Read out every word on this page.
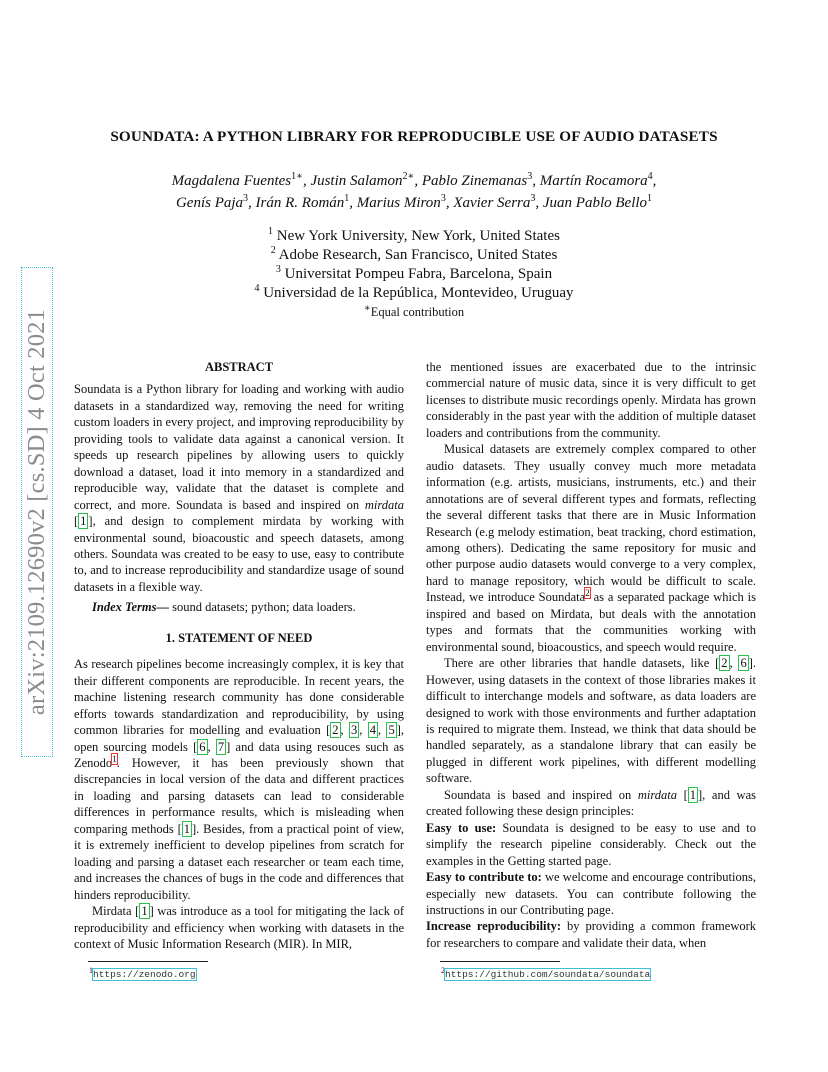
arXiv:2109.12690v2 [cs.SD] 4 Oct 2021
SOUNDATA: A PYTHON LIBRARY FOR REPRODUCIBLE USE OF AUDIO DATASETS
Magdalena Fuentes$^{1∗}$, Justin Salamon$^{2∗}$, Pablo Zinemanas$^3$, Martín Rocamora$^4$,
Genís Paja$^3$, Irán R. Román$^1$, Marius Miron$^3$, Xavier Serra$^3$, Juan Pablo Bello$^1$
$^1$ New York University, New York, United States
$^2$ Adobe Research, San Francisco, United States
$^3$ Universitat Pompeu Fabra, Barcelona, Spain
$^4$ Universidad de la República, Montevideo, Uruguay
∗Equal contribution
ABSTRACT

Soundata is a Python library for loading and working with audio datasets in a standardized way, removing the need for writing custom loaders in every project, and improving reproducibility by providing tools to validate data against a canonical version. It speeds up research pipelines by allowing users to quickly download a dataset, load it into memory in a standardized and reproducible way, validate that the dataset is complete and correct, and more. Soundata is based and inspired on mirdata [ 1 ], and design to complement mirdata by working with environmental sound, bioacoustic and speech datasets, among others. Soundata was created to be easy to use, easy to contribute to, and to increase reproducibility and standardize usage of sound datasets in a flexible way.

Index Terms— sound datasets; python; data loaders.

1. STATEMENT OF NEED

As research pipelines become increasingly complex, it is key that their different components are reproducible. In recent years, the machine listening research community has done considerable efforts towards standardization and reproducibility, by using common libraries for modelling and evaluation [ 2 , 3 , 4 , 5 ], open sourcing models [ 6 , 7 ] and data using resouces such as Zenodo$^1$. However, it has been previously shown that discrepancies in local version of the data and different practices in loading and parsing datasets can lead to considerable differences in performance results, which is misleading when comparing methods [ 1 ]. Besides, from a practical point of view, it is extremely inefficient to develop pipelines from scratch for loading and parsing a dataset each researcher or team each time, and increases the chances of bugs in the code and differences that hinders reproducibility.

Mirdata [ 1 ] was introduce as a tool for mitigating the lack of reproducibility and efficiency when working with datasets in the context of Music Information Research (MIR). In MIR,

the mentioned issues are exacerbated due to the intrinsic commercial nature of music data, since it is very difficult to get licenses to distribute music recordings openly. Mirdata has grown considerably in the past year with the addition of multiple dataset loaders and contributions from the community.

Musical datasets are extremely complex compared to other audio datasets. They usually convey much more metadata information (e.g. artists, musicians, instruments, etc.) and their annotations are of several different types and formats, reflecting the several different tasks that there are in Music Information Research (e.g melody estimation, beat tracking, chord estimation, among others). Dedicating the same repository for music and other purpose audio datasets would converge to a very complex, hard to manage repository, which would be difficult to scale. Instead, we introduce Soundata$^2$ as a separated package which is inspired and based on Mirdata, but deals with the annotation types and formats that the communities working with environmental sound, bioacoustics, and speech would require.

There are other libraries that handle datasets, like [ 2 , 6 ]. However, using datasets in the context of those libraries makes it difficult to interchange models and software, as data loaders are designed to work with those environments and further adaptation is required to migrate them. Instead, we think that data should be handled separately, as a standalone library that can easily be plugged in different work pipelines, with different modelling software.

Soundata is based and inspired on mirdata [ 1 ], and was created following these design principles:

Easy to use: Soundata is designed to be easy to use and to simplify the research pipeline considerably. Check out the examples in the Getting started page.

Easy to contribute to: we welcome and encourage contributions, especially new datasets. You can contribute following the instructions in our Contributing page.

Increase reproducibility: by providing a common framework for researchers to compare and validate their data, when

$^1$https://zenodo.org	$^2$https://github.com/soundata/soundata
